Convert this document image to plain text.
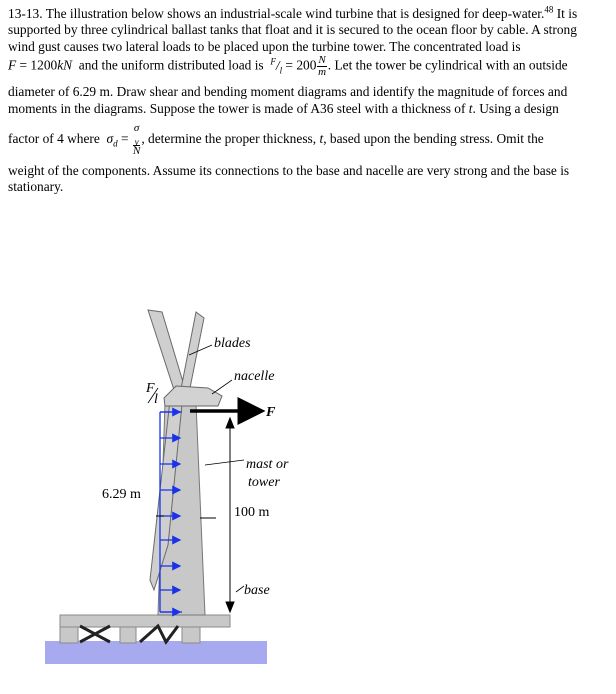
13-13. The illustration below shows an industrial-scale wind turbine that is designed for deep-water.$^{48}$ It is supported by three cylindrical ballast tanks that float and it is secured to the ocean floor by cable. A strong wind gust causes two lateral loads to be placed upon the turbine tower. The concentrated load is

F = 1200kN  and the uniform distributed load is  $^F/_l = 200 \frac{N}{m}$ . Let the tower be cylindrical with an outside

diameter of 6.29 m. Draw shear and bending moment diagrams and identify the magnitude of forces and moments in the diagrams. Suppose the tower is made of A36 steel with a thickness of t. Using a design

factor of 4 where  $\sigma_d = \sigma$
$_y$
N , determine the proper thickness, t, based upon the bending stress. Omit the

weight of the components. Assume its connections to the base and nacelle are very strong and the base is stationary.

blades
nacelle
F
mast or
tower
6.29 m
100 m
base
F
l
